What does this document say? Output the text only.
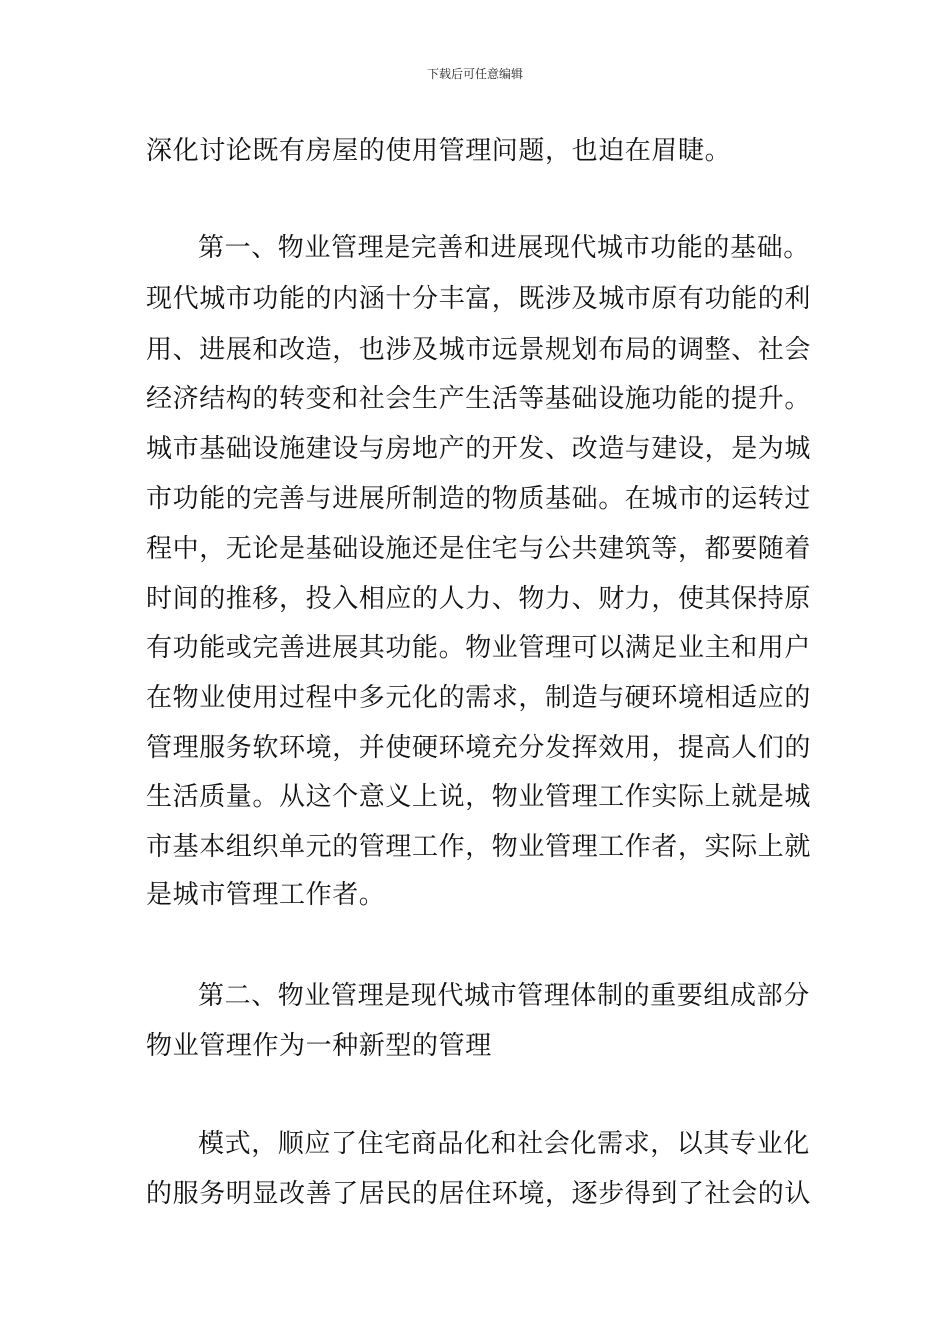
下载后可任意编辑
深化讨论既有房屋的使用管理问题，也迫在眉睫。
第一、物业管理是完善和进展现代城市功能的基础。
现代城市功能的内涵十分丰富，既涉及城市原有功能的利
用、进展和改造，也涉及城市远景规划布局的调整、社会
经济结构的转变和社会生产生活等基础设施功能的提升。
城市基础设施建设与房地产的开发、改造与建设，是为城
市功能的完善与进展所制造的物质基础。在城市的运转过
程中，无论是基础设施还是住宅与公共建筑等，都要随着
时间的推移，投入相应的人力、物力、财力，使其保持原
有功能或完善进展其功能。物业管理可以满足业主和用户
在物业使用过程中多元化的需求，制造与硬环境相适应的
管理服务软环境，并使硬环境充分发挥效用，提高人们的
生活质量。从这个意义上说，物业管理工作实际上就是城
市基本组织单元的管理工作，物业管理工作者，实际上就
是城市管理工作者。
第二、物业管理是现代城市管理体制的重要组成部分
物业管理作为一种新型的管理
模式，顺应了住宅商品化和社会化需求，以其专业化
的服务明显改善了居民的居住环境，逐步得到了社会的认
